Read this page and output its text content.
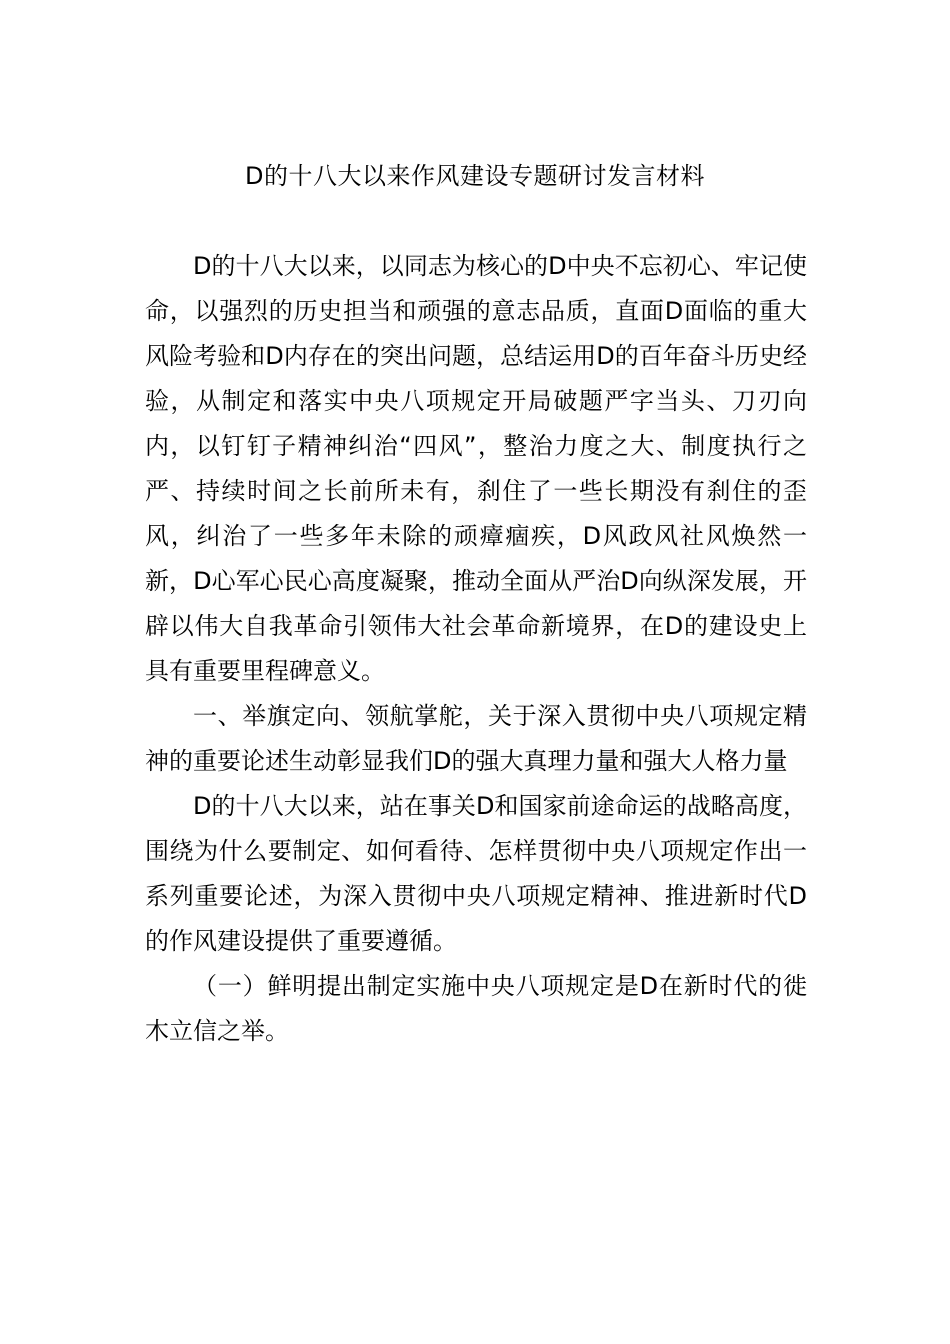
D的十八大以来作风建设专题研讨发言材料

D的十八大以来，以同志为核心的D中央不忘初心、牢记使命，以强烈的历史担当和顽强的意志品质，直面D面临的重大风险考验和D内存在的突出问题，总结运用D的百年奋斗历史经验，从制定和落实中央八项规定开局破题严字当头、刀刃向内，以钉钉子精神纠治“四风”，整治力度之大、制度执行之严、持续时间之长前所未有，刹住了一些长期没有刹住的歪风，纠治了一些多年未除的顽瘴痼疾，D风政风社风焕然一新，D心军心民心高度凝聚，推动全面从严治D向纵深发展，开辟以伟大自我革命引领伟大社会革命新境界，在D的建设史上具有重要里程碑意义。

一、举旗定向、领航掌舵，关于深入贯彻中央八项规定精神的重要论述生动彰显我们D的强大真理力量和强大人格力量

D的十八大以来，站在事关D和国家前途命运的战略高度，围绕为什么要制定、如何看待、怎样贯彻中央八项规定作出一系列重要论述，为深入贯彻中央八项规定精神、推进新时代D的作风建设提供了重要遵循。

（一）鲜明提出制定实施中央八项规定是D在新时代的徙木立信之举。
